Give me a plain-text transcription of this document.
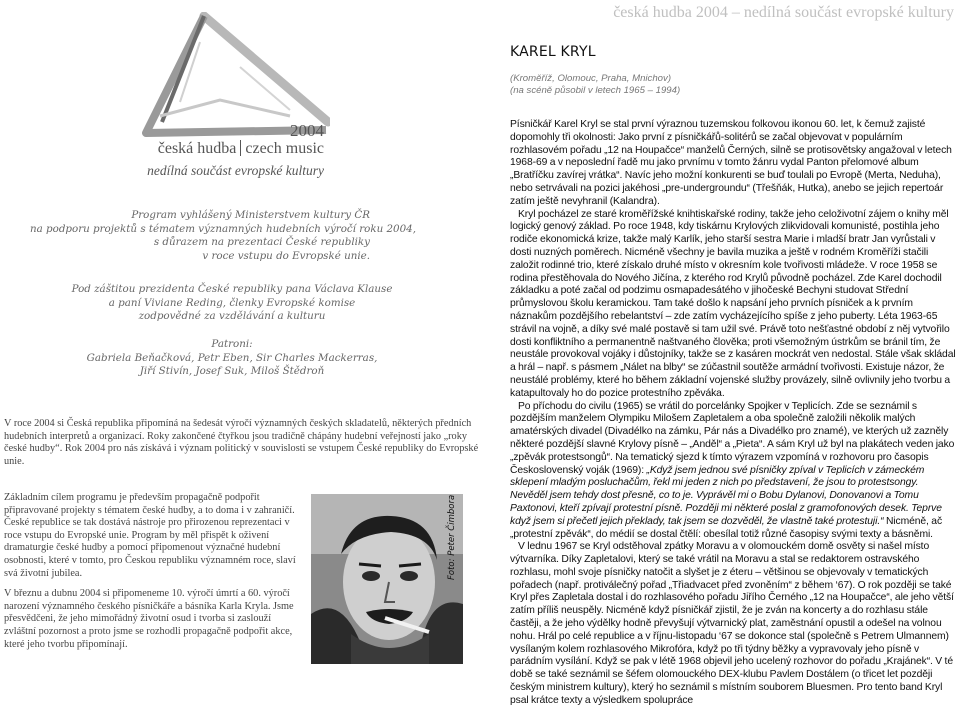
česká hudba 2004 – nedílná součást evropské kultury
2004
česká hudba czech music
nedílná součást evropské kultury
Program vyhlášený Ministerstvem kultury ČR
na podporu projektů s tématem významných hudebních výročí roku 2004,
s důrazem na prezentaci České republiky
v roce vstupu do Evropské unie.
Pod záštitou prezidenta České republiky pana Václava Klause
a paní Viviane Reding, členky Evropské komise
zodpovědné za vzdělávání a kulturu
Patroni:
Gabriela Beňačková, Petr Eben, Sir Charles Mackerras,
Jiří Stivín, Josef Suk, Miloš Štědroň
V roce 2004 si Česká republika připomíná na šedesát výročí významných českých skladatelů, některých předních hudebních interpretů a organizací. Roky zakončené čtyřkou jsou tradičně chápány hudební veřejností jako „roky české hudby“. Rok 2004 pro nás získává i význam politický v souvislosti se vstupem České republiky do Evropské unie.

Základním cílem programu je především propagačně podpořit připravované projekty s tématem české hudby, a to doma i v zahraničí. České republice se tak dostává nástroje pro přirozenou reprezentaci v roce vstupu do Evropské unie. Program by měl přispět k oživení dramaturgie české hudby a pomocí připomenout význačné hudební osobnosti, které v tomto, pro Českou republiku významném roce, slaví svá životní jubilea.

V březnu a dubnu 2004 si připomeneme 10. výročí úmrtí a 60. výročí narození významného českého písničkáře a básníka Karla Kryla. Jsme přesvědčeni, že jeho mimořádný životní osud i tvorba si zaslouží zvláštní pozornost a proto jsme se rozhodli propagačně podpořit akce, které jeho tvorbu připomínají.

Foto: Peter Čimbora
KAREL KRYL
(Kroměříž, Olomouc, Praha, Mnichov)
(na scéně působil v letech 1965 – 1994)

Písničkář Karel Kryl se stal první výraznou tuzemskou folkovou ikonou 60. let, k čemuž zajisté dopomohly tři okolnosti: Jako první z písničkářů-solitérů se začal objevovat v populárním rozhlasovém pořadu „12 na Houpačce“ manželů Černých, silně se protisovětsky angažoval v letech 1968-69 a v neposlední řadě mu jako prvnímu v tomto žánru vydal Panton přelomové album „Bratříčku zavírej vrátka“. Navíc jeho možní konkurenti se buď toulali po Evropě (Merta, Neduha), nebo setrvávali na pozici jakéhosi „pre-undergroundu“ (Třešňák, Hutka), anebo se jejich repertoár zatím ještě nevyhranil (Kalandra).

Kryl pocházel ze staré kroměřížské knihtiskařské rodiny, takže jeho celoživotní zájem o knihy měl logický genový základ. Po roce 1948, kdy tiskárnu Krylových zlikvidovali komunisté, postihla jeho rodiče ekonomická krize, takže malý Karlík, jeho starší sestra Marie i mladší bratr Jan vyrůstali v dosti nuzných poměrech. Nicméně všechny je bavila muzika a ještě v rodném Kroměříži stačili založit rodinné trio, které získalo druhé místo v okresním kole tvořivosti mládeže. V roce 1958 se rodina přestěhovala do Nového Jičína, z kterého rod Krylů původně pocházel. Zde Karel dochodil základku a poté začal od podzimu osmapadesátého v jihočeské Bechyni studovat Střední průmyslovou školu keramickou. Tam také došlo k napsání jeho prvních písniček a k prvním náznakům pozdějšího rebelantství – zde zatím vycházejícího spíše z jeho puberty. Léta 1963-65 strávil na vojně, a díky své malé postavě si tam užil své. Právě toto nešťastné období z něj vytvořilo dosti konfliktního a permanentně naštvaného člověka; proti všemožným ústrkům se bránil tím, že neustále provokoval vojáky i důstojníky, takže se z kasáren mockrát ven nedostal. Stále však skládal a hrál – např. s pásmem „Nálet na blby“ se zúčastnil soutěže armádní tvořivosti. Existuje názor, že neustálé problémy, které ho během základní vojenské služby provázely, silně ovlivnily jeho tvorbu a katapultovaly ho do pozice protestního zpěváka.

Po příchodu do civilu (1965) se vrátil do porcelánky Spojker v Teplicích. Zde se seznámil s pozdějším manželem Olympiku Milošem Zapletalem a oba společně založili několik malých amatérských divadel (Divadélko na zámku, Pár nás a Divadélko pro znamé), ve kterých už zaznělу některé pozdější slavné Krylovy písně – „Anděl“ a „Pieta“. A sám Kryl už byl na plakátech veden jako „zpěvák protestsongů“. Na tematický sjezd k tímto výrazem vzpomíná v rozhovoru pro časopis Československý voják (1969): „Když jsem jednou své písničky zpíval v Teplicích v zámeckém sklepení mladým posluchačům, řekl mi jeden z nich po představení, že jsou to protestsongy. Nevěděl jsem tehdy dost přesně, co to je. Vyprávěl mi o Bobu Dylanovi, Donovanovi a Tomu Paxtonovi, kteří zpívají protestní písně. Později mi některé poslal z gramofonových desek. Teprve když jsem si přečetl jejich překlady, tak jsem se dozvěděl, že vlastně také protestuji.“ Nicméně, ač „protestní zpěvák“, do médií se dostal čtělí: obesílal totiž různé časopisy svými texty a básněmi.

V lednu 1967 se Kryl odstěhoval zpátky Moravu a v olomouckém domě osvěty si našel místo výtvarníka. Díky Zapletalovi, který se také vrátil na Moravu a stal se redaktorem ostravského rozhlasu, mohl svoje písničky natočit a slyšet je z éteru – většinou se objevovaly v tematických pořadech (např. protiválečný pořad „Třiadvacet před zvoněním“ z během ‘67). O rok později se také Kryl přes Zapletala dostal i do rozhlasového pořadu Jiřího Černého „12 na Houpačce“, ale jeho větší zatím příliš neuspěly. Nicméně když písničkář zjistil, že je zván na koncerty a do rozhlasu stále častěji, a že jeho výdělky hodně převyšují výtvarnický plat, zaměstnání opustil a odešel na volnou nohu. Hrál po celé republice a v říjnu-listopadu ‘67 se dokonce stal (společně s Petrem Ulmannem) vysílaným kolem rozhlasového Mikrofóra, když po tři týdny běžky a vypravovaly jeho písně v parádním vysílání. Když se pak v létě 1968 objevil jeho ucelený rozhovor do pořadu „Krajánek“. V té době se také seznámil se šéfem olomouckého DEX-klubu Pavlem Dostálem (o třicet let později českým ministrem kultury), který ho seznámil s místním souborem Bluesmen. Pro tento band Kryl psal krátce texty a výsledkem spolupráce
